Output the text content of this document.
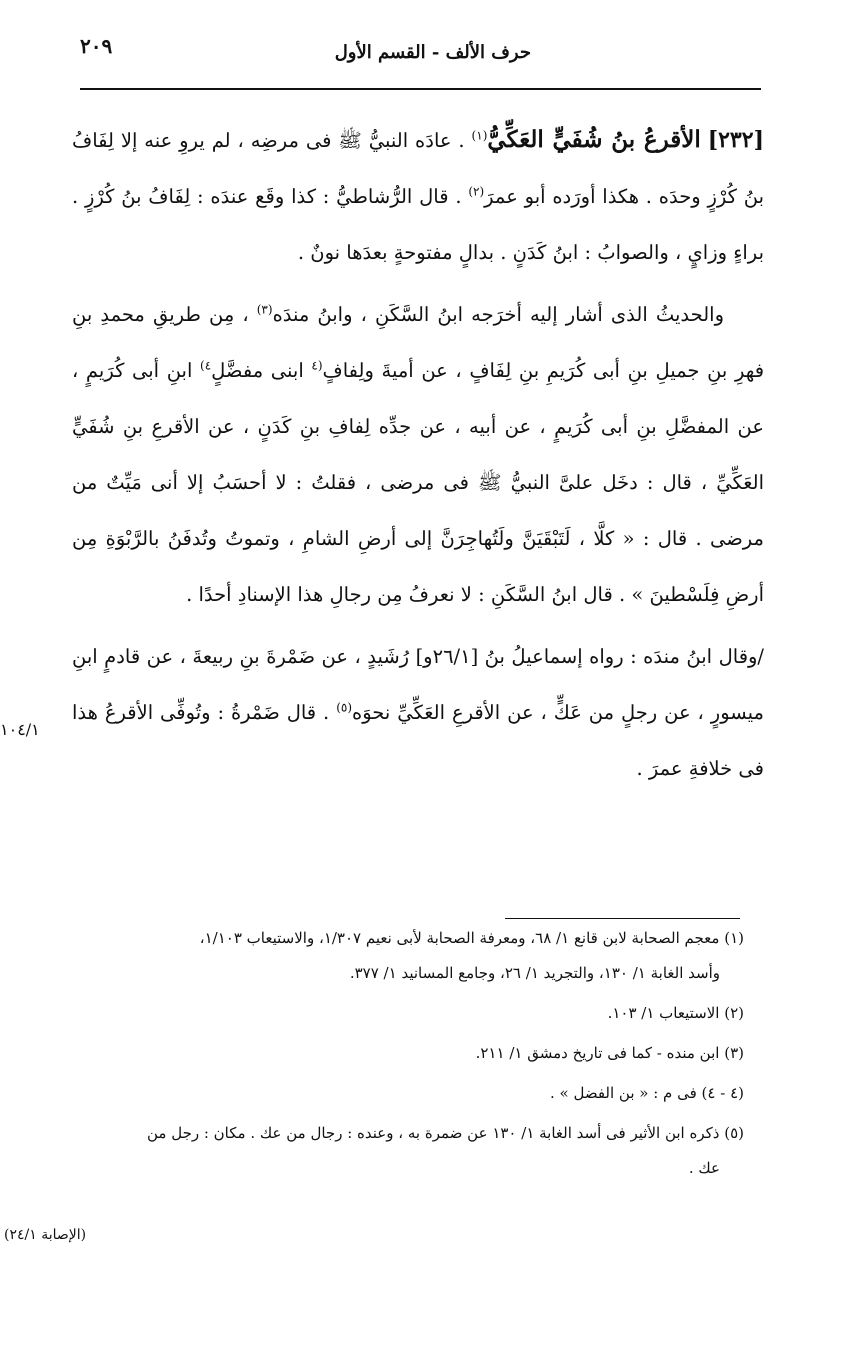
حرف الألف - القسم الأول
٢٠٩

[٢٣٢] الأقرعُ بنُ شُفَيٍّ العَكِّيُّ$^{(١)}$ . عادَه النبيُّ ﷺ فى مرضِه ، لم يروِ عنه إلا لِفَافُ بنُ كُرْزٍ وحدَه . هكذا أورَده أبو عمرَ$^{(٢)}$ . قال الرُّشاطيُّ : كذا وقَع عندَه : لِفَافُ بنُ كُرْزٍ . براءٍ وزايٍ ، والصوابُ : ابنُ كَدَنٍ . بدالٍ مفتوحةٍ بعدَها نونٌ .

والحديثُ الذى أشار إليه أخرَجه ابنُ السَّكَنِ ، وابنُ مندَه$^{(٣)}$ ، مِن طريقِ محمدِ بنِ فهرِ بنِ جميلِ بنِ أبى كُرَيمِ بنِ لِفَافٍ ، عن أميةَ ولِفافٍ$^{(٤}$ ابنى مفضَّلٍ$^{٤)}$ ابنِ أبى كُرَيمٍ ، عن المفضَّلِ بنِ أبى كُرَيمٍ ، عن أبيه ، عن جدِّه لِفافِ بنِ كَدَنٍ ، عن الأقرعِ بنِ شُفَيٍّ العَكِّيِّ ، قال : دخَل علىَّ النبيُّ ﷺ فى مرضى ، فقلتُ : لا أحسَبُ إلا أنى مَيِّتٌ من مرضى . قال : « كلَّا ، لَتَبْقَيَنَّ ولَتُهاجِرَنَّ إلى أرضِ الشامِ ، وتموتُ وتُدفَنُ بالرَّبْوَةِ مِن أرضِ فِلَسْطينَ » . قال ابنُ السَّكَنِ : لا نعرفُ مِن رجالِ هذا الإسنادِ أحدًا .

/وقال ابنُ مندَه : رواه إسماعيلُ بنُ [٢٦/١و] رُشَيدٍ ، عن ضَمْرةَ بنِ ربيعةَ ، عن قادمٍ ابنِ ميسورٍ ، عن رجلٍ من عَكٍّ ، عن الأقرعِ العَكِّيِّ نحوَه$^{(٥)}$ . قال ضَمْرةُ : وتُوفِّى الأقرعُ هذا فى خلافةِ عمرَ .

١٠٤/١
(١) معجم الصحابة لابن قانع ١/ ٦٨، ومعرفة الصحابة لأبى نعيم ١/٣٠٧، والاستيعاب ١/١٠٣،
وأسد الغابة ١/ ١٣٠، والتجريد ١/ ٢٦، وجامع المسانيد ١/ ٣٧٧.
(٢) الاستيعاب ١/ ١٠٣.
(٣) ابن منده - كما فى تاريخ دمشق ١/ ٢١١.
(٤ - ٤) فى م : « بن الفضل » .
(٥) ذكره ابن الأثير فى أسد الغابة ١/ ١٣٠ عن ضمرة به ، وعنده : رجال من عك . مكان : رجل من
عك .
(الإصابة ٢٤/١)
